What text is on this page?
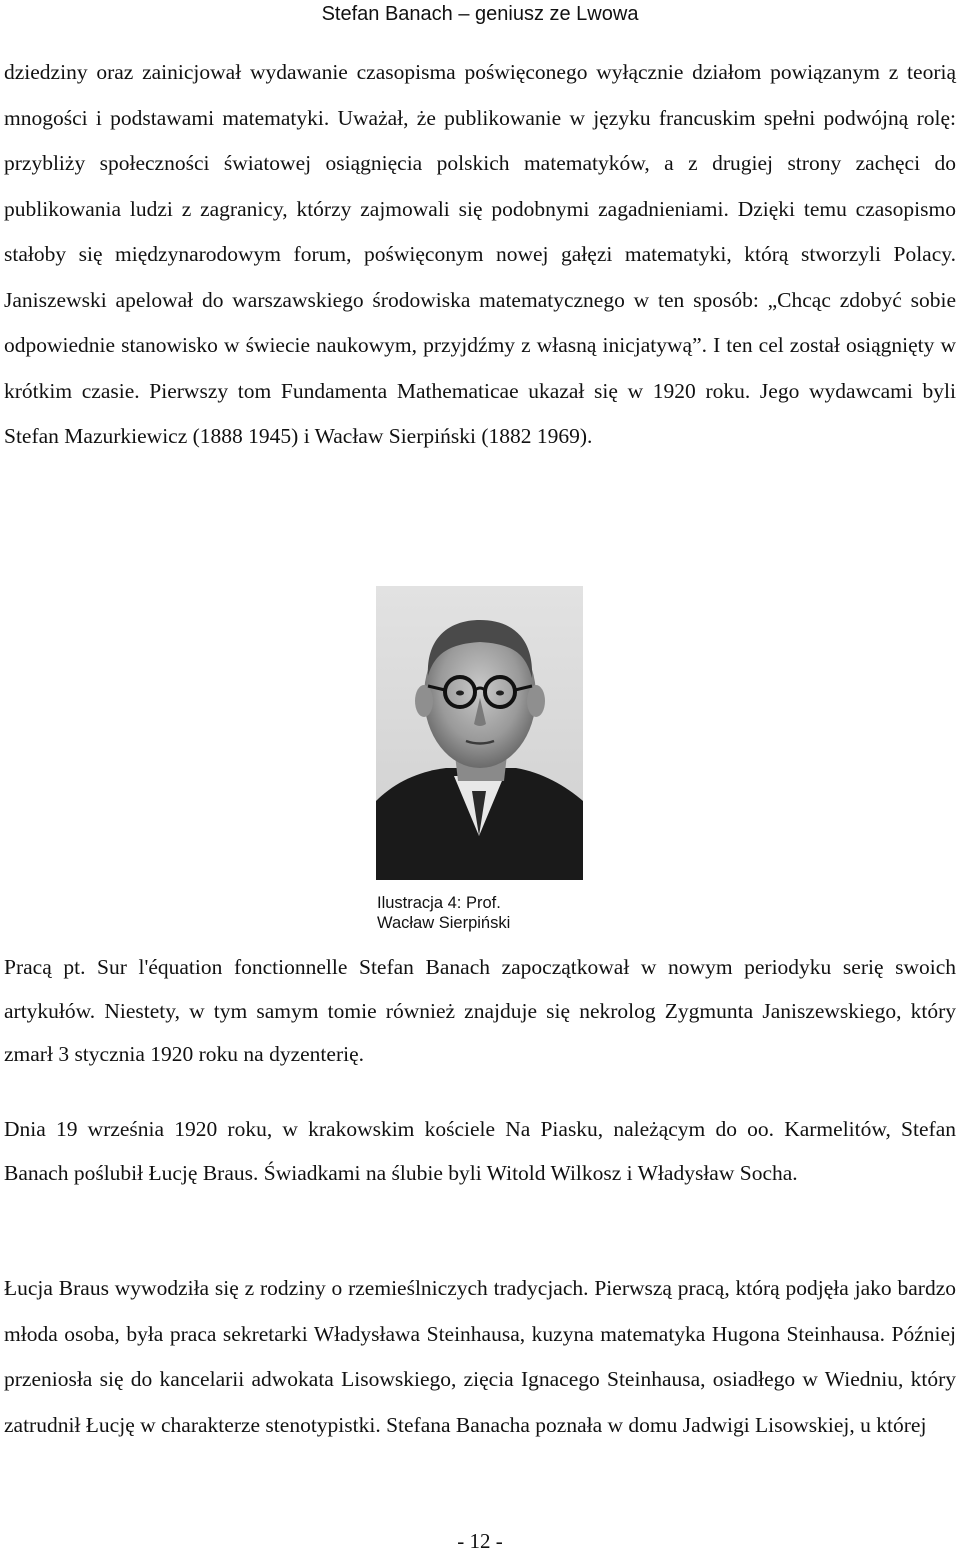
Stefan Banach – geniusz ze Lwowa

dziedziny oraz zainicjował wydawanie czasopisma poświęconego wyłącznie działom powiązanym z teorią mnogości i podstawami matematyki. Uważał, że publikowanie w języku francuskim spełni podwójną rolę: przybliży społeczności światowej osiągnięcia polskich matematyków, a z drugiej strony zachęci do publikowania ludzi z zagranicy, którzy zajmowali się podobnymi zagadnieniami. Dzięki temu czasopismo stałoby się międzynarodowym forum, poświęconym nowej gałęzi matematyki, którą stworzyli Polacy. Janiszewski apelował do warszawskiego środowiska matematycznego w ten sposób: „Chcąc zdobyć sobie odpowiednie stanowisko w świecie naukowym, przyjdźmy z własną inicjatywą”. I ten cel został osiągnięty w krótkim czasie. Pierwszy tom Fundamenta Mathematicae ukazał się w 1920 roku. Jego wydawcami byli Stefan Mazurkiewicz (1888 1945) i Wacław Sierpiński (1882 1969).

Ilustracja 4: Prof.
Wacław Sierpiński

Pracą pt. Sur l'équation fonctionnelle Stefan Banach zapoczątkował w nowym periodyku serię swoich artykułów. Niestety, w tym samym tomie również znajduje się nekrolog Zygmunta Janiszewskiego, który zmarł 3 stycznia 1920 roku na dyzenterię.

Dnia 19 września 1920 roku, w krakowskim kościele Na Piasku, należącym do oo. Karmelitów, Stefan Banach poślubił Łucję Braus. Świadkami na ślubie byli Witold Wilkosz i Władysław Socha.

Łucja Braus wywodziła się z rodziny o rzemieślniczych tradycjach. Pierwszą pracą, którą podjęła jako bardzo młoda osoba, była praca sekretarki Władysława Steinhausa, kuzyna matematyka Hugona Steinhausa. Później przeniosła się do kancelarii adwokata Lisowskiego, zięcia Ignacego Steinhausa, osiadłego w Wiedniu, który zatrudnił Łucję w charakterze stenotypistki. Stefana Banacha poznała w domu Jadwigi Lisowskiej, u której

- 12 -
